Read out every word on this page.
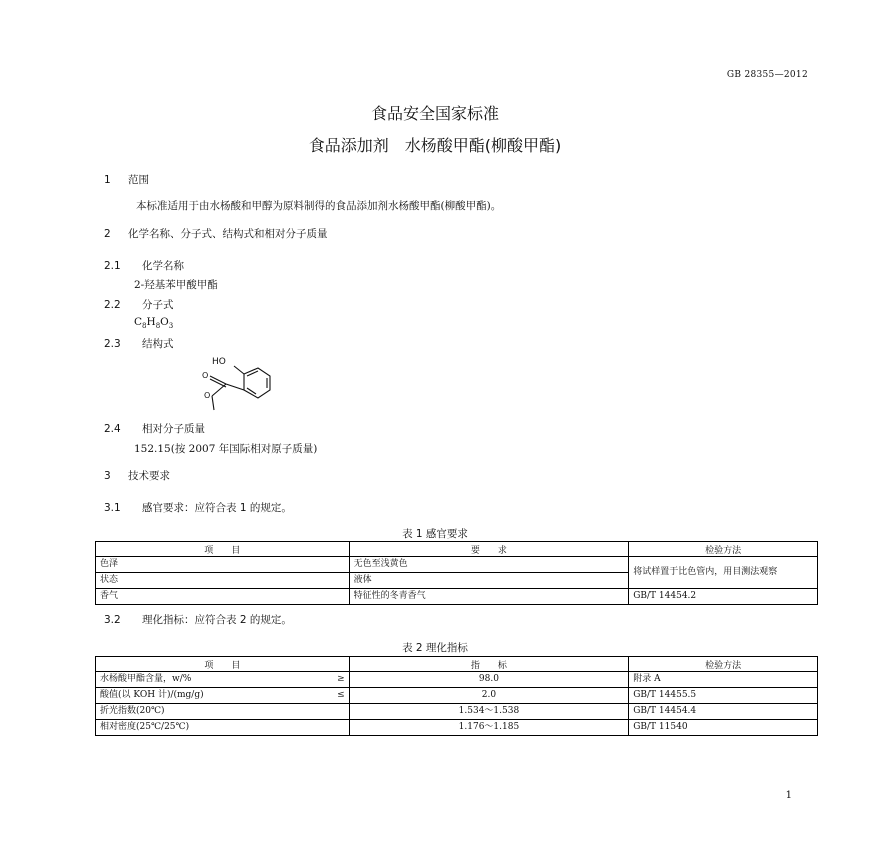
GB 28355—2012
食品安全国家标准
食品添加剂　水杨酸甲酯(柳酸甲酯)
1 范围
本标准适用于由水杨酸和甲醇为原料制得的食品添加剂水杨酸甲酯(柳酸甲酯)。
2 化学名称、分子式、结构式和相对分子质量
2.1 化学名称
2-羟基苯甲酸甲酯
2.2 分子式
$C_8H_8O_3$
2.3 结构式
HO
O
O
2.4 相对分子质量
152.15(按 2007 年国际相对原子质量)
3 技术要求
3.1 感官要求：应符合表 1 的规定。
表 1 感官要求
项　　目	要　　求	检验方法
色泽	无色至浅黄色	将试样置于比色管内，用目测法观察
状态	液体	
香气	特征性的冬青香气	GB/T 14454.2
3.2 理化指标：应符合表 2 的规定。
表 2 理化指标
项　　目	指　　标	检验方法
水杨酸甲酯含量，w/% ≥	98.0	附录 A
酸值(以 KOH 计)/(mg/g) ≤	2.0	GB/T 14455.5
折光指数(20℃)	1.534～1.538	GB/T 14454.4
相对密度(25℃/25℃)	1.176～1.185	GB/T 11540
1
